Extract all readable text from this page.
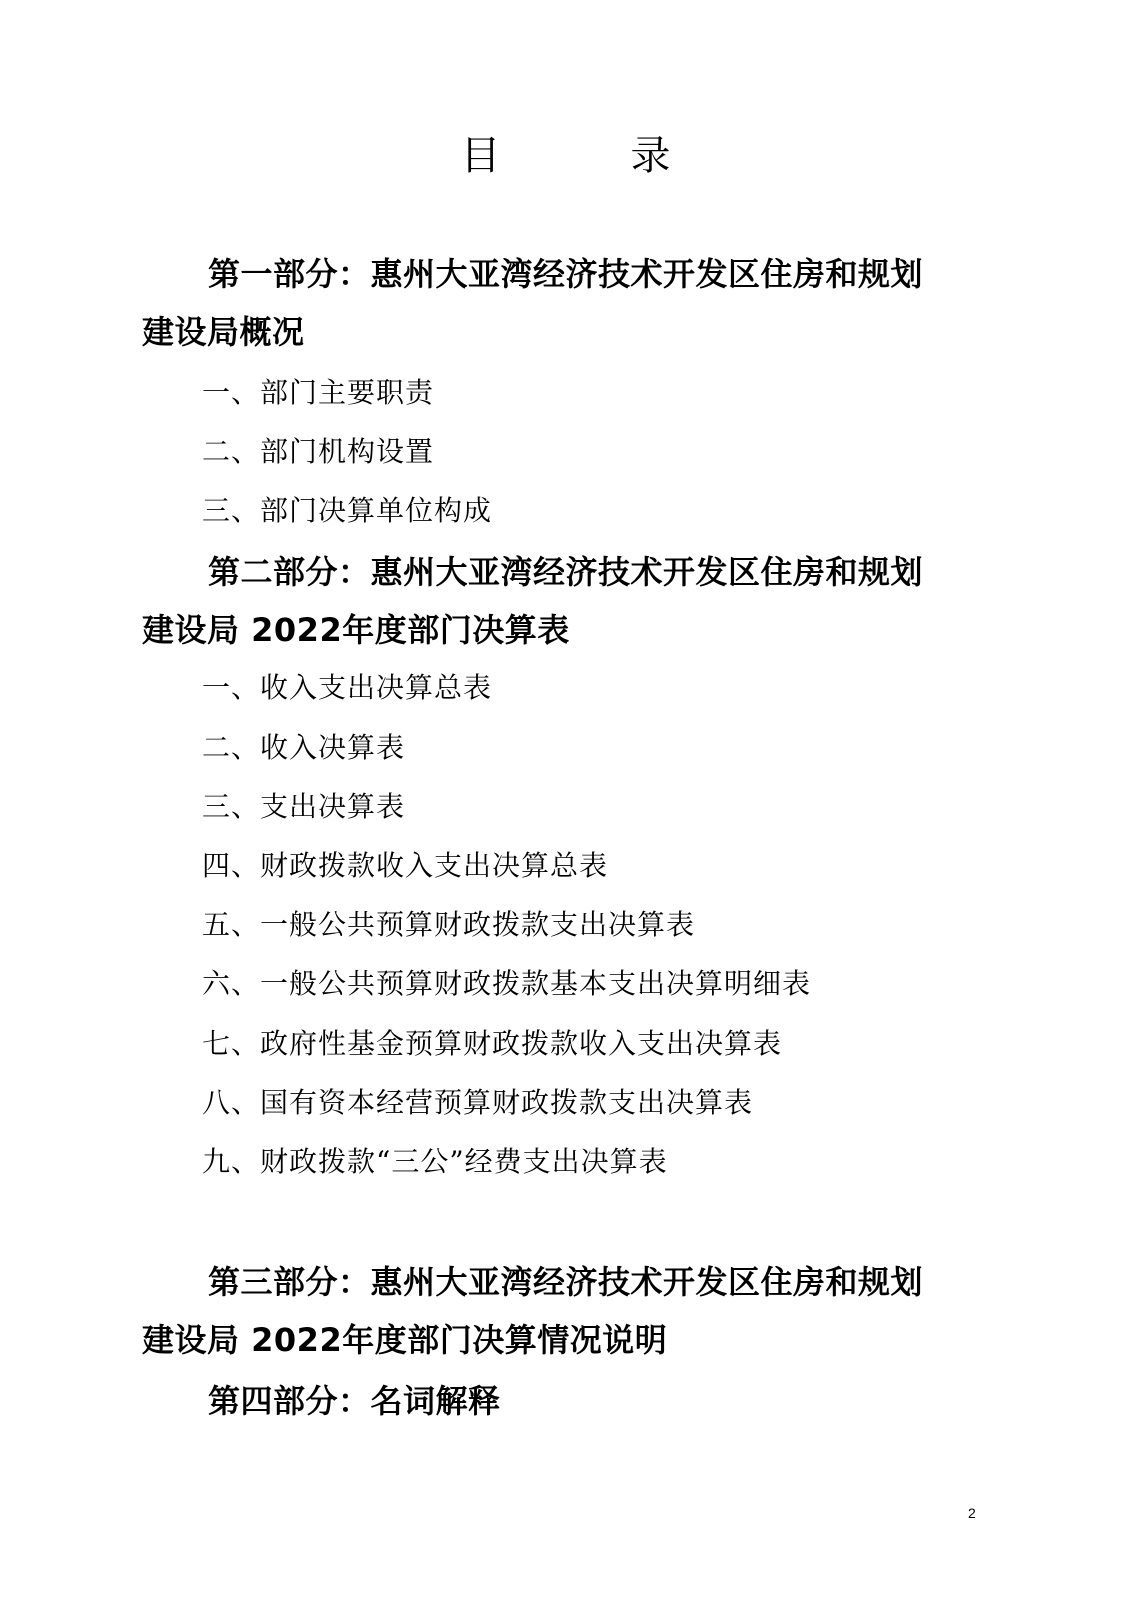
目	录
第一部分：惠州大亚湾经济技术开发区住房和规划
建设局概况
一、部门主要职责
二、部门机构设置
三、部门决算单位构成
第二部分：惠州大亚湾经济技术开发区住房和规划
建设局 2022年度部门决算表
一、收入支出决算总表
二、收入决算表
三、支出决算表
四、财政拨款收入支出决算总表
五、一般公共预算财政拨款支出决算表
六、一般公共预算财政拨款基本支出决算明细表
七、政府性基金预算财政拨款收入支出决算表
八、国有资本经营预算财政拨款支出决算表
九、财政拨款“三公”经费支出决算表
第三部分：惠州大亚湾经济技术开发区住房和规划
建设局 2022年度部门决算情况说明
第四部分：名词解释
2
